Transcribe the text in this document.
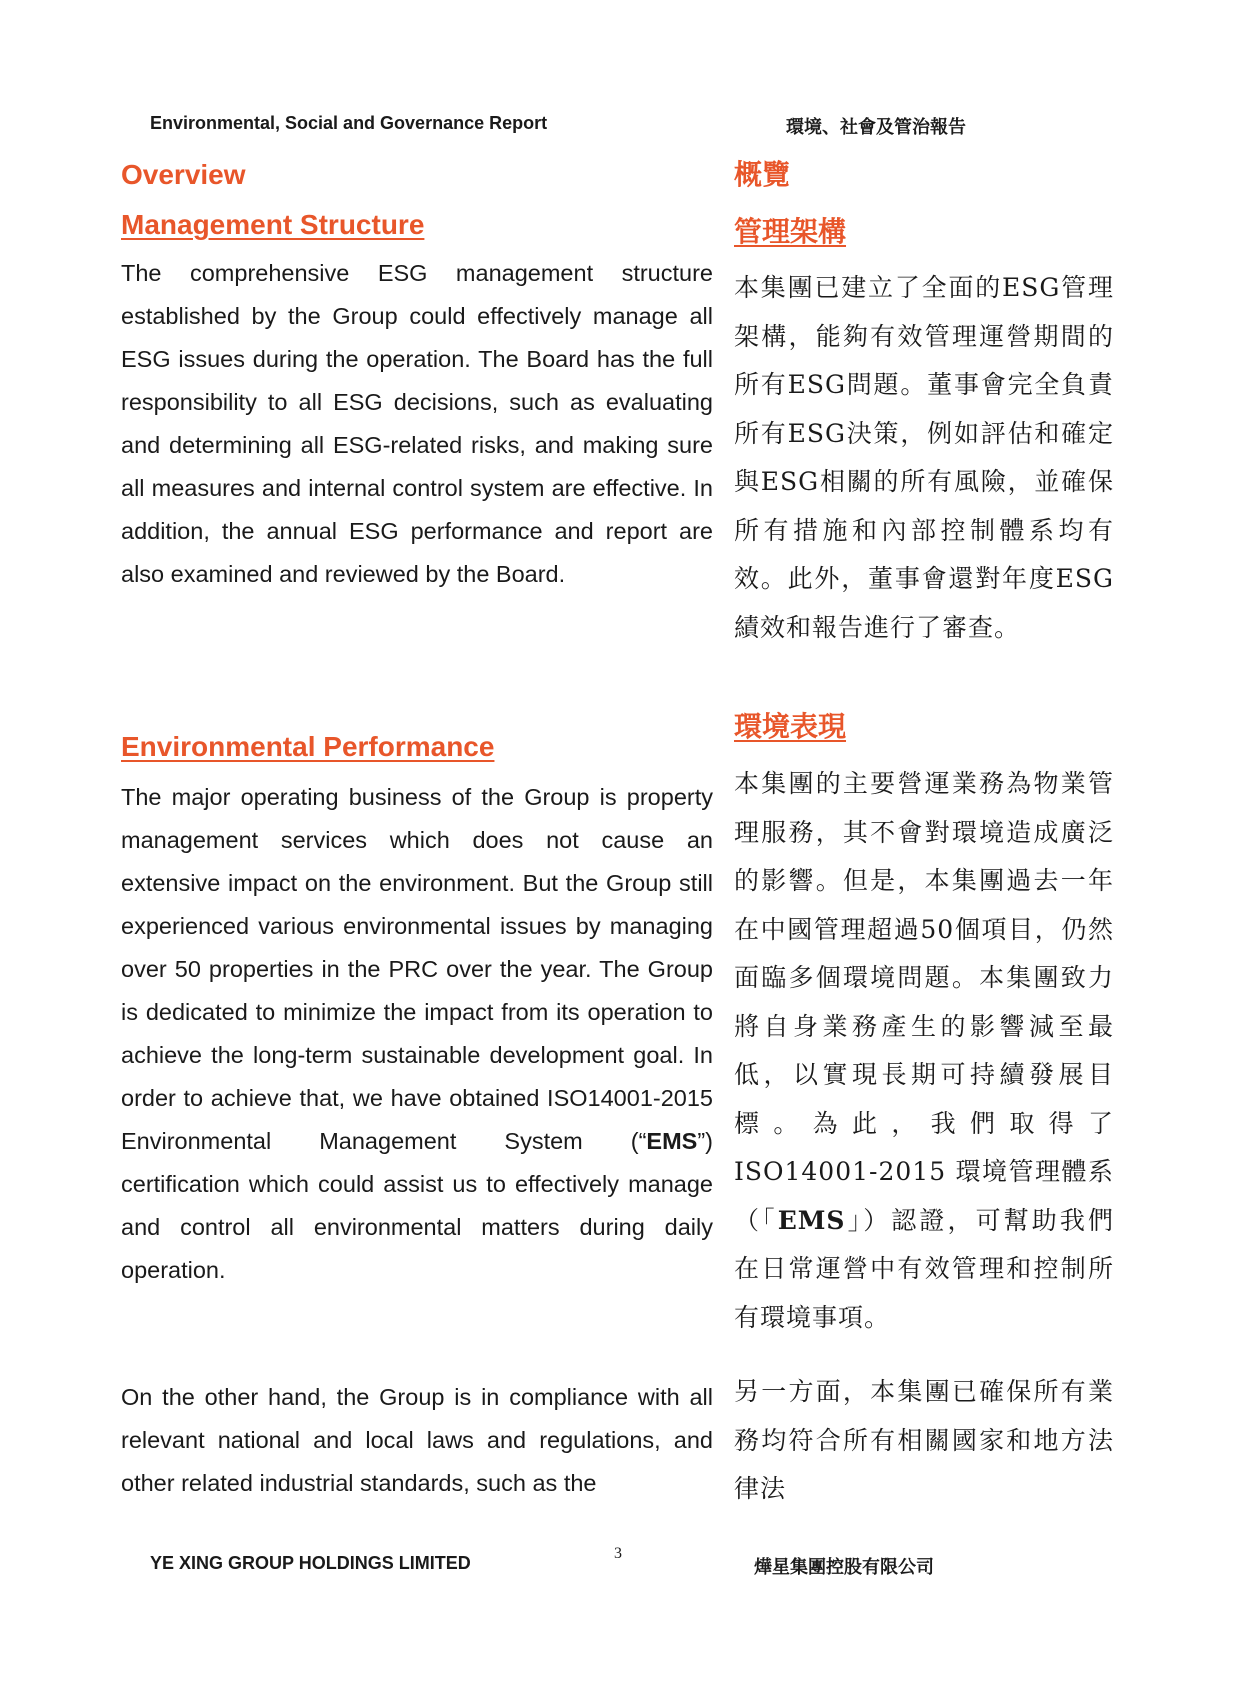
Environmental, Social and Governance Report	環境、社會及管治報告
Overview	概覽
Management Structure	管理架構

The comprehensive ESG management structure established by the Group could effectively manage all ESG issues during the operation. The Board has the full responsibility to all ESG decisions, such as evaluating and determining all ESG-related risks, and making sure all measures and internal control system are effective. In addition, the annual ESG performance and report are also examined and reviewed by the Board.

本集團已建立了全面的ESG管理架構，能夠有效管理運營期間的所有ESG問題。董事會完全負責所有ESG決策，例如評估和確定與ESG相關的所有風險，並確保所有措施和內部控制體系均有效。此外，董事會還對年度ESG績效和報告進行了審查。

Environmental Performance
環境表現

The major operating business of the Group is property management services which does not cause an extensive impact on the environment. But the Group still experienced various environmental issues by managing over 50 properties in the PRC over the year. The Group is dedicated to minimize the impact from its operation to achieve the long-term sustainable development goal. In order to achieve that, we have obtained ISO14001-2015 Environmental Management System (“EMS”) certification which could assist us to effectively manage and control all environmental matters during daily operation.

本集團的主要營運業務為物業管理服務，其不會對環境造成廣泛的影響。但是，本集團過去一年在中國管理超過50個項目，仍然面臨多個環境問題。本集團致力將自身業務產生的影響減至最低，以實現長期可持續發展目標。為此，我們取得了ISO14001-2015 環境管理體系（「EMS」）認證，可幫助我們在日常運營中有效管理和控制所有環境事項。

On the other hand, the Group is in compliance with all relevant national and local laws and regulations, and other related industrial standards, such as the

另一方面，本集團已確保所有業務均符合所有相關國家和地方法律法

YE XING GROUP HOLDINGS LIMITED	3
燁星集團控股有限公司
